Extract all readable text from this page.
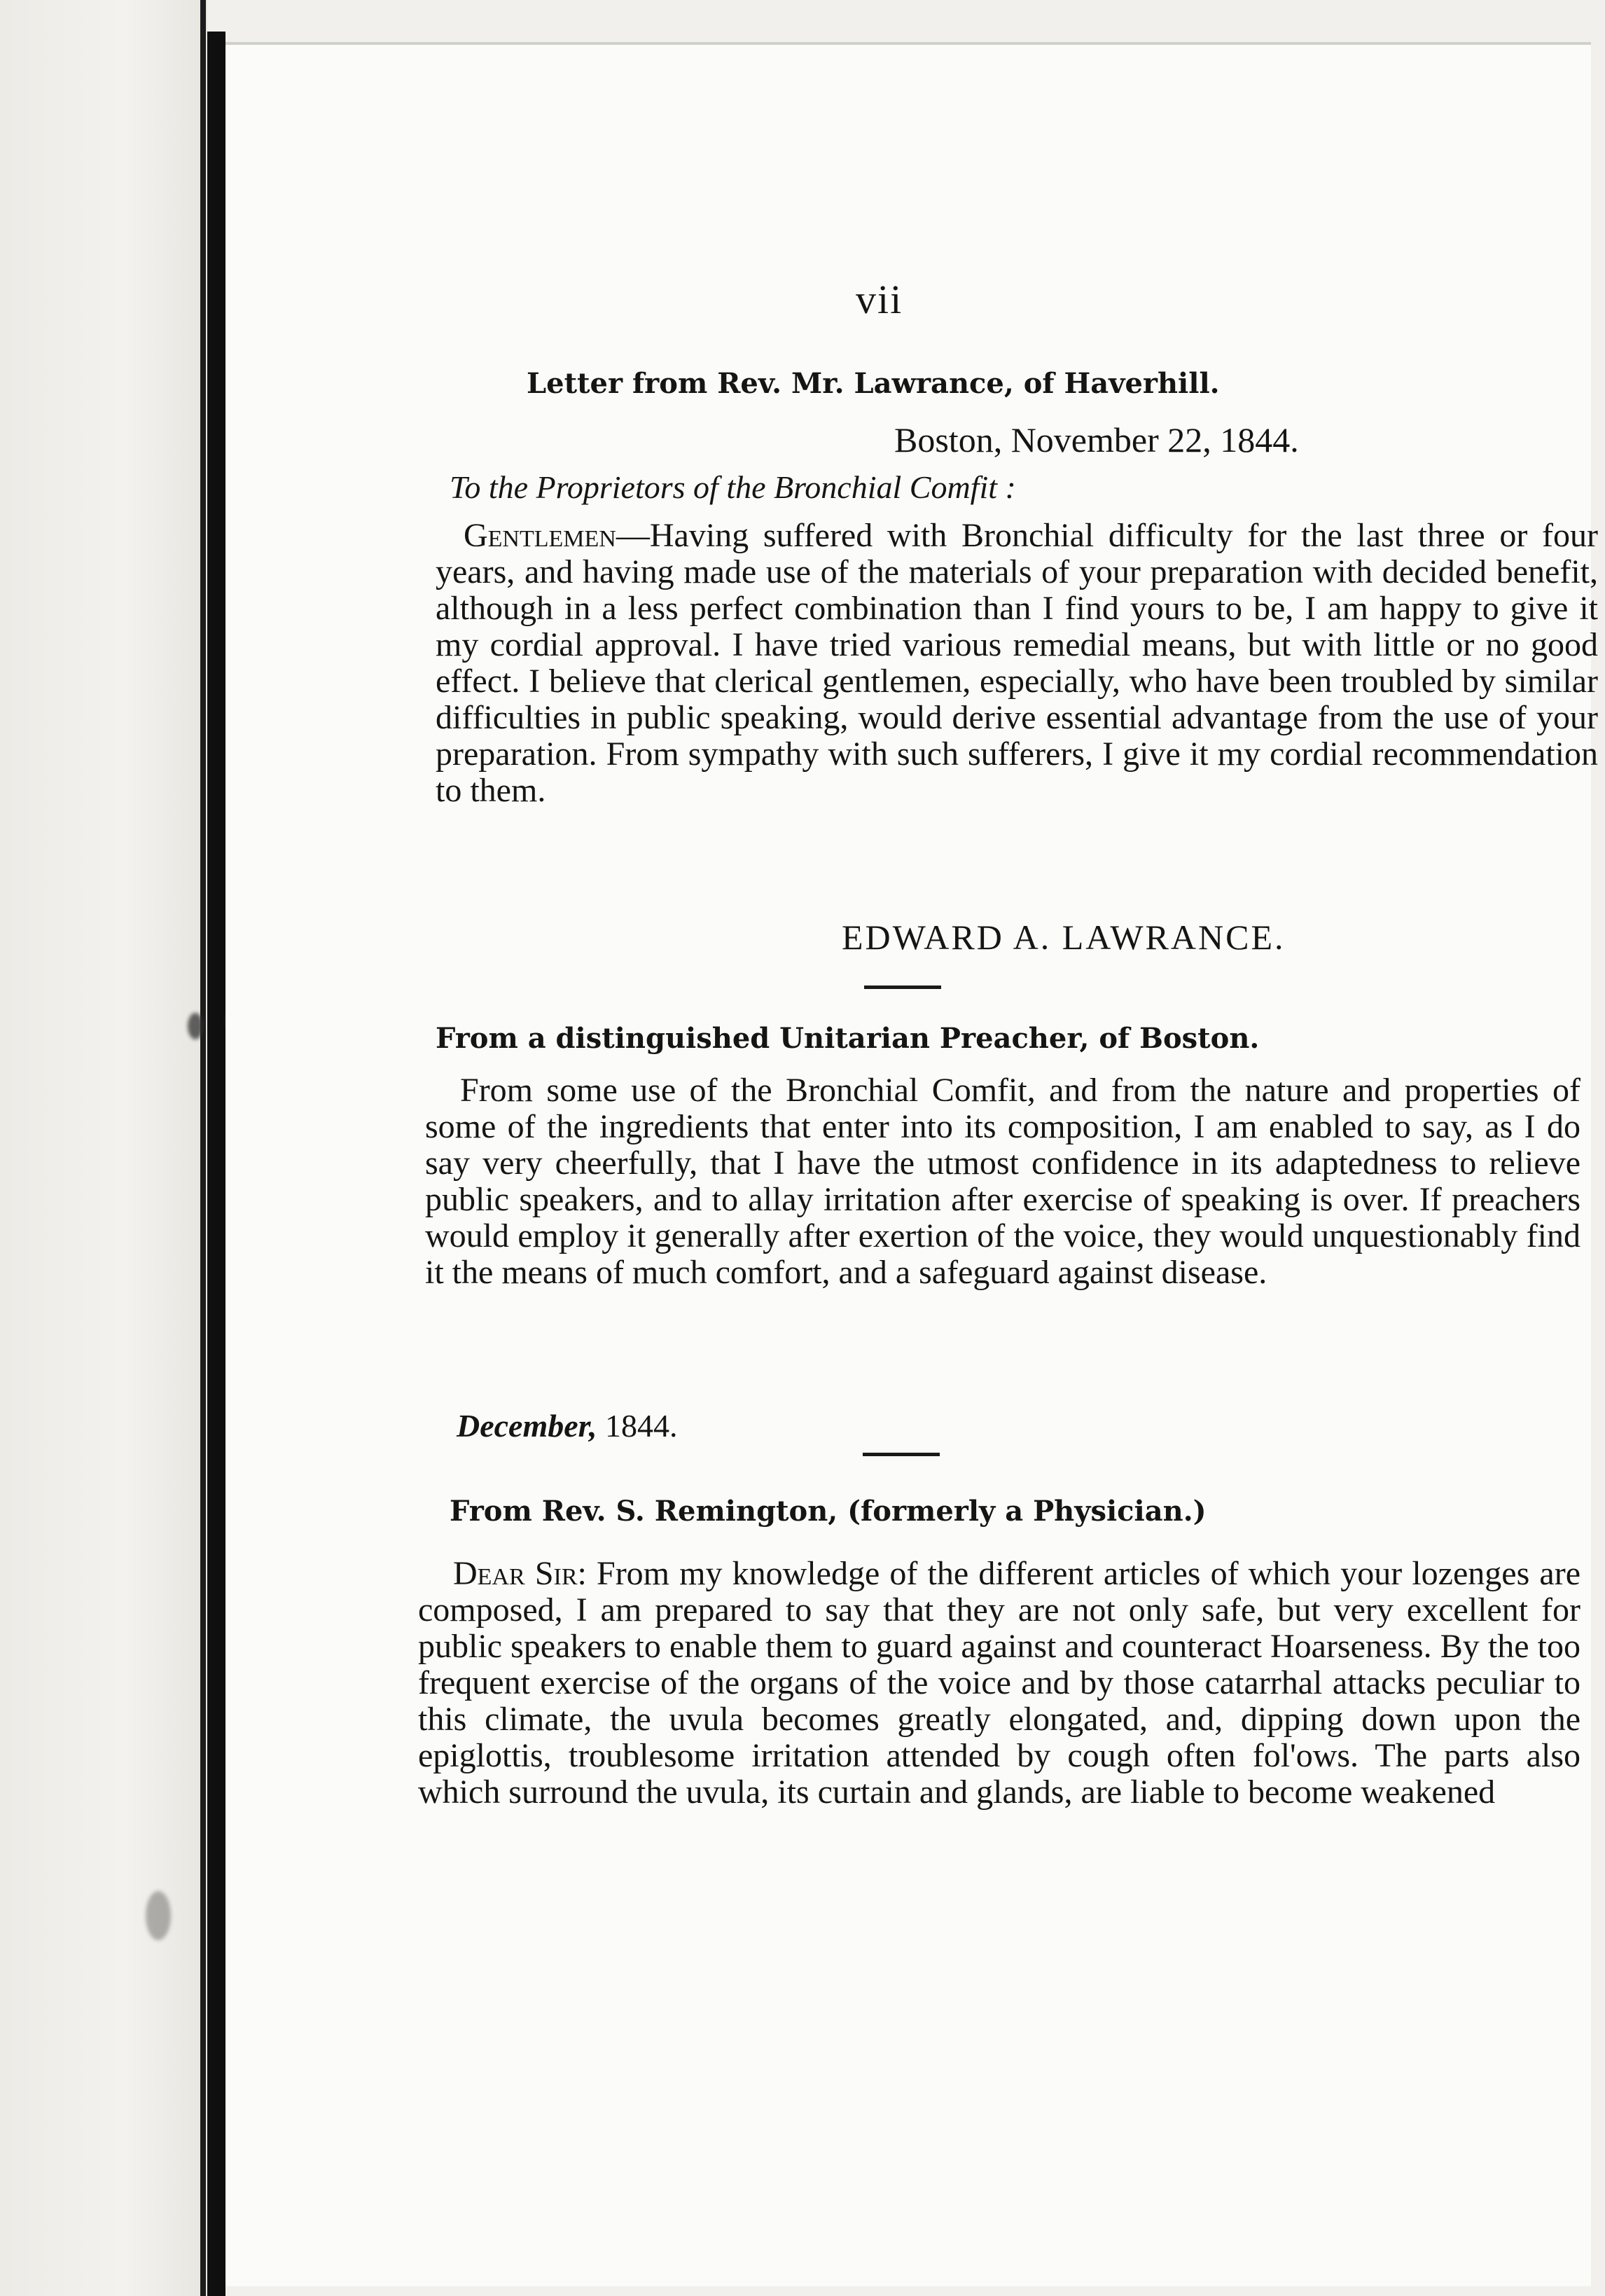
vii
Letter from Rev. Mr. Lawrance, of Haverhill.
Boston, November 22, 1844.
To the Proprietors of the Bronchial Comfit :
Gentlemen—Having suffered with Bronchial difficulty for the last three or four years, and having made use of the materials of your preparation with decided benefit, although in a less perfect combination than I find yours to be, I am happy to give it my cordial approval. I have tried various remedial means, but with little or no good effect. I believe that clerical gentlemen, especially, who have been troubled by similar difficulties in public speaking, would derive essential advantage from the use of your preparation. From sympathy with such sufferers, I give it my cordial recommendation to them.
EDWARD A. LAWRANCE.
From a distinguished Unitarian Preacher, of Boston.
From some use of the Bronchial Comfit, and from the nature and properties of some of the ingredients that enter into its composition, I am enabled to say, as I do say very cheerfully, that I have the utmost confidence in its adaptedness to relieve public speakers, and to allay irritation after exercise of speaking is over. If preachers would employ it generally after exertion of the voice, they would unquestionably find it the means of much comfort, and a safeguard against disease.
December, 1844.
From Rev. S. Remington, (formerly a Physician.)
Dear Sir: From my knowledge of the different articles of which your lozenges are composed, I am prepared to say that they are not only safe, but very excellent for public speakers to enable them to guard against and counteract Hoarseness. By the too frequent exercise of the organs of the voice and by those catarrhal attacks peculiar to this climate, the uvula becomes greatly elongated, and, dipping down upon the epiglottis, troublesome irritation attended by cough often fol'ows. The parts also which surround the uvula, its curtain and glands, are liable to become weakened
